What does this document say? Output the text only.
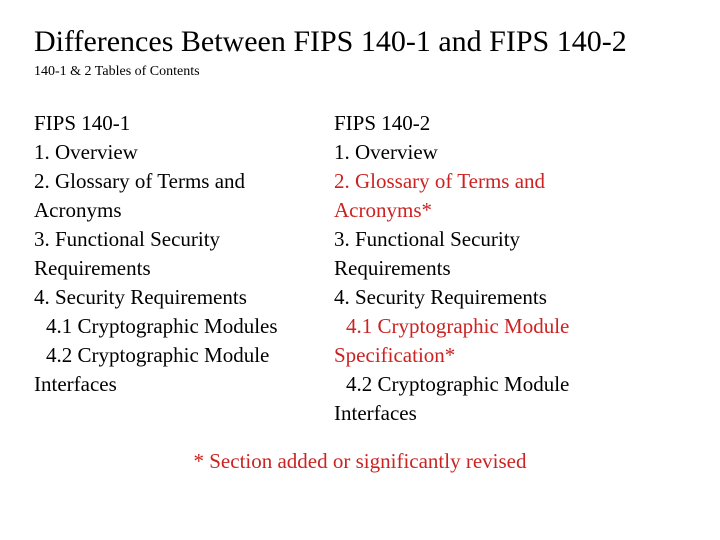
Differences Between FIPS 140-1 and FIPS 140-2
140-1 & 2 Tables of Contents
FIPS 140-1
1. Overview
2. Glossary of Terms and
Acronyms
3. Functional Security
Requirements
4. Security Requirements
4.1 Cryptographic Modules
4.2 Cryptographic Module
Interfaces
FIPS 140-2
1. Overview
2. Glossary of Terms and
Acronyms*
3. Functional Security
Requirements
4. Security Requirements
4.1 Cryptographic Module
Specification*
4.2 Cryptographic Module
Interfaces
* Section added or significantly revised
